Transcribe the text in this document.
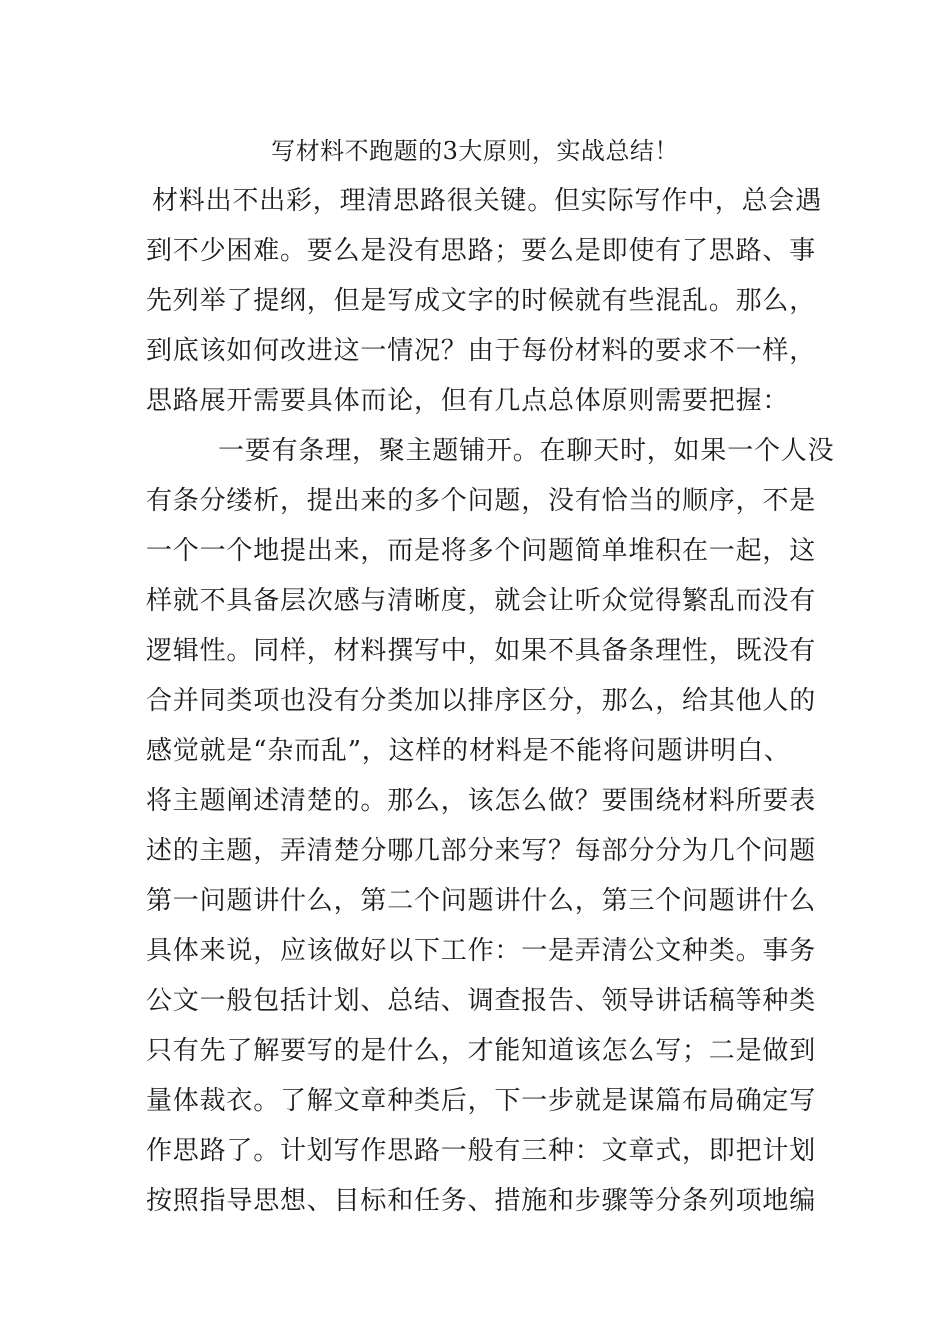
写材料不跑题的3大原则，实战总结！
材料出不出彩，理清思路很关键。但实际写作中，总会遇
到不少困难。要么是没有思路；要么是即使有了思路、事
先列举了提纲，但是写成文字的时候就有些混乱。那么，
到底该如何改进这一情况？由于每份材料的要求不一样，
思路展开需要具体而论，但有几点总体原则需要把握：
一要有条理，聚主题铺开。在聊天时，如果一个人没
有条分缕析，提出来的多个问题，没有恰当的顺序，不是
一个一个地提出来，而是将多个问题简单堆积在一起，这
样就不具备层次感与清晰度，就会让听众觉得繁乱而没有
逻辑性。同样，材料撰写中，如果不具备条理性，既没有
合并同类项也没有分类加以排序区分，那么，给其他人的
感觉就是“杂而乱”，这样的材料是不能将问题讲明白、
将主题阐述清楚的。那么，该怎么做？要围绕材料所要表
述的主题，弄清楚分哪几部分来写？每部分分为几个问题
第一问题讲什么，第二个问题讲什么，第三个问题讲什么
具体来说，应该做好以下工作：一是弄清公文种类。事务
公文一般包括计划、总结、调查报告、领导讲话稿等种类
只有先了解要写的是什么，才能知道该怎么写；二是做到
量体裁衣。了解文章种类后，下一步就是谋篇布局确定写
作思路了。计划写作思路一般有三种：文章式，即把计划
按照指导思想、目标和任务、措施和步骤等分条列项地编
